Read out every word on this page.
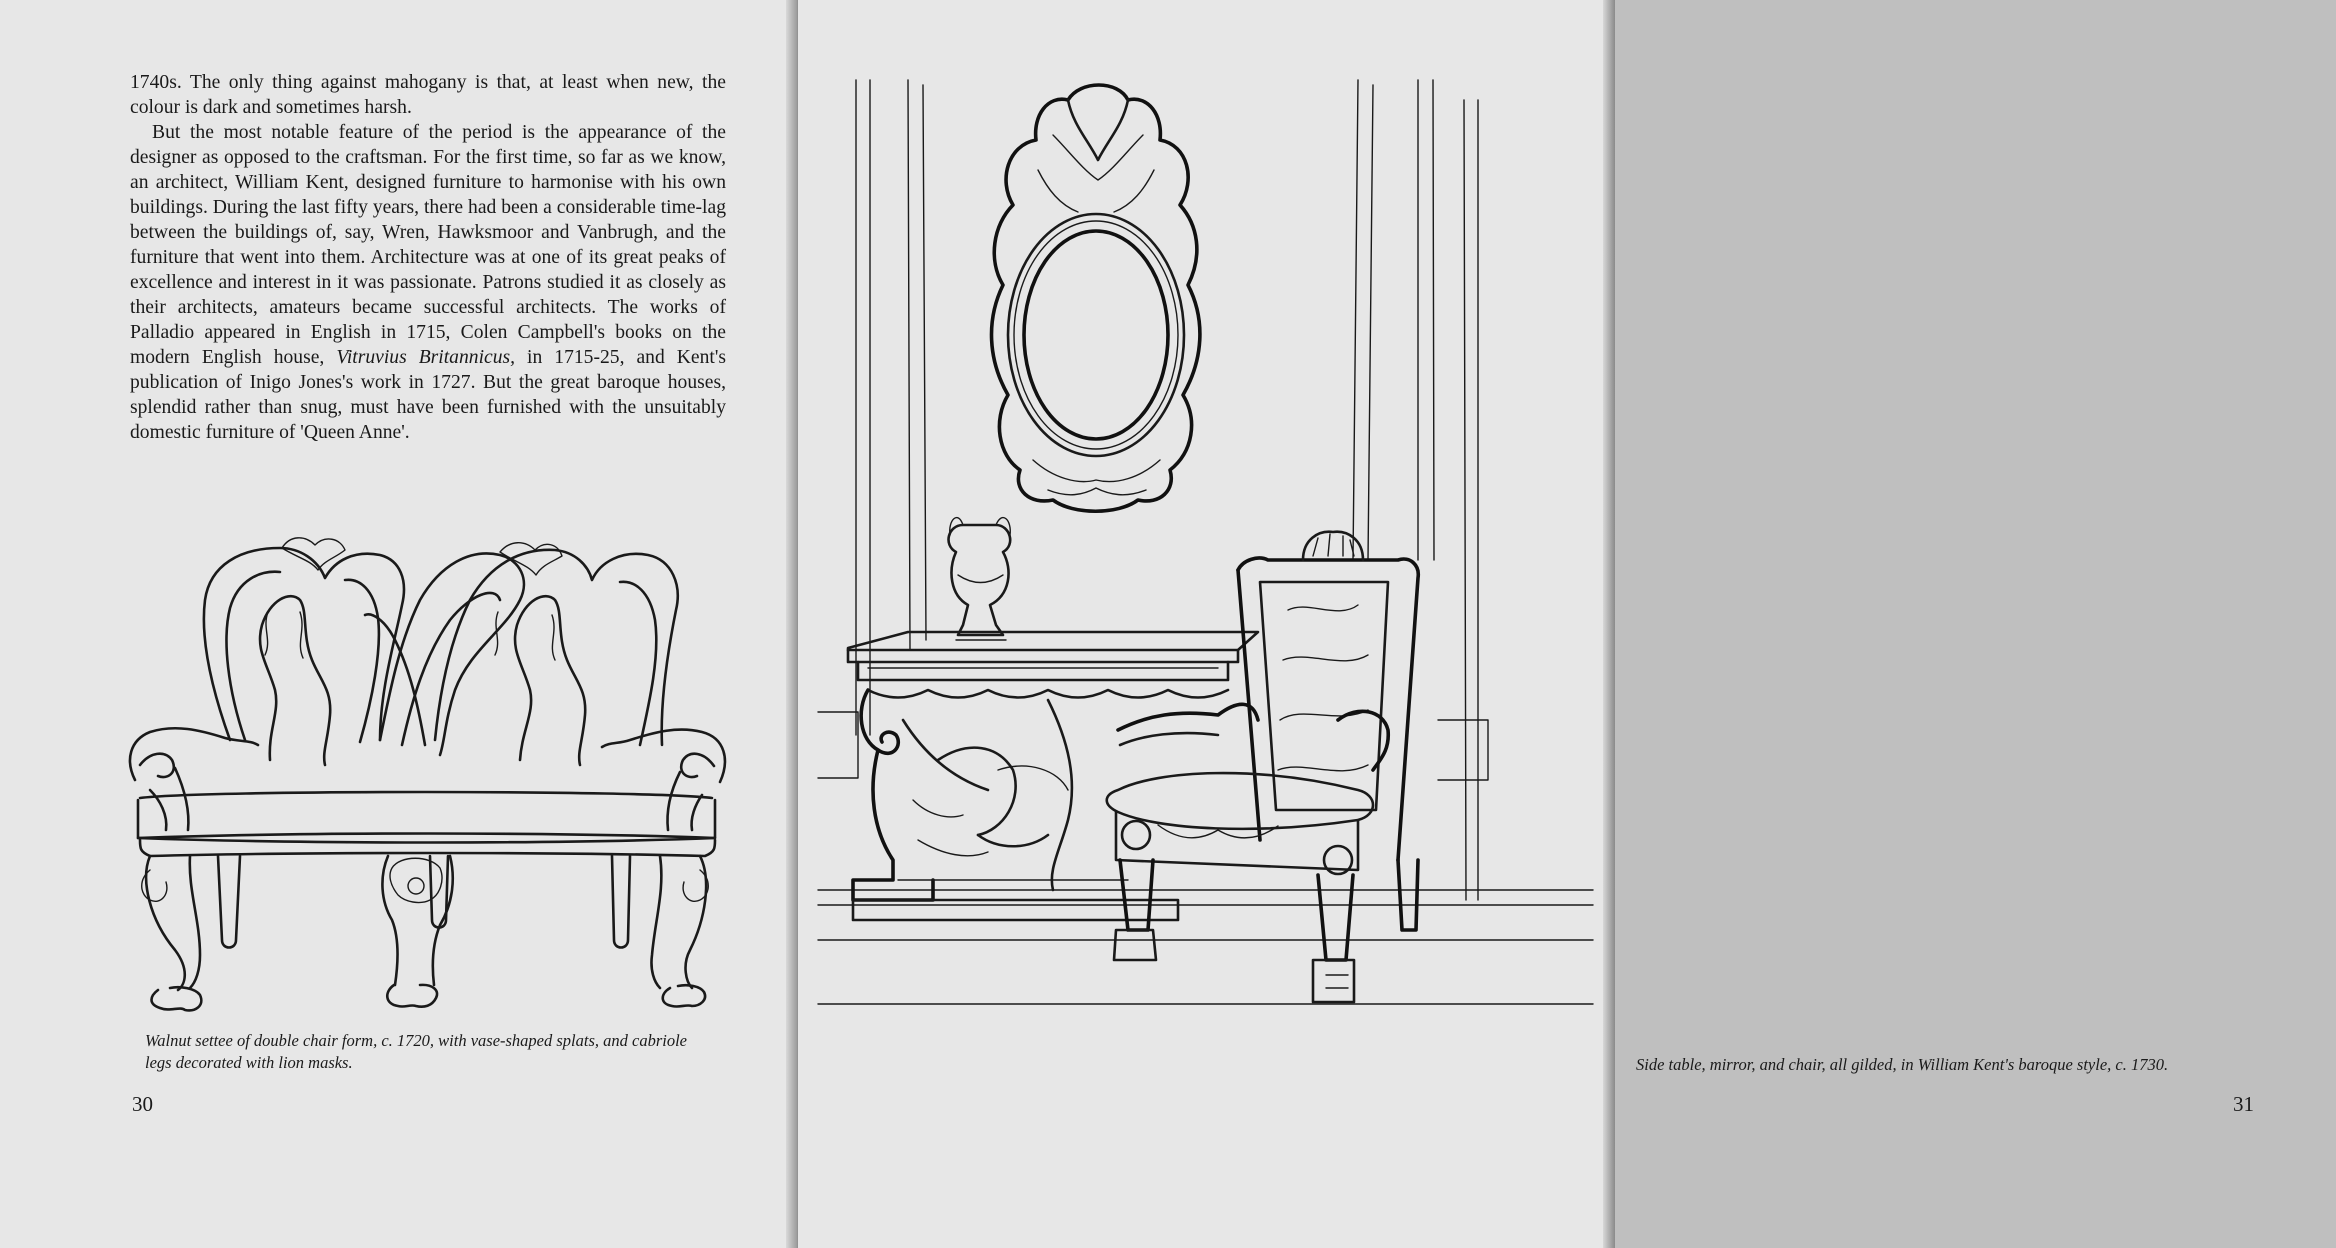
1740s. The only thing against mahogany is that, at least when new, the colour is dark and sometimes harsh.

But the most notable feature of the period is the appearance of the designer as opposed to the craftsman. For the first time, so far as we know, an architect, William Kent, designed furniture to harmonise with his own buildings. During the last fifty years, there had been a considerable time-lag between the buildings of, say, Wren, Hawksmoor and Vanbrugh, and the furniture that went into them. Architecture was at one of its great peaks of excellence and interest in it was passionate. Patrons studied it as closely as their architects, amateurs became successful architects. The works of Palladio appeared in English in 1715, Colen Campbell's books on the modern English house, Vitruvius Britannicus, in 1715-25, and Kent's publication of Inigo Jones's work in 1727. But the great baroque houses, splendid rather than snug, must have been furnished with the unsuitably domestic furniture of 'Queen Anne'.

Walnut settee of double chair form, c. 1720, with vase-shaped splats, and cabriole legs decorated with lion masks.

30

Side table, mirror, and chair, all gilded, in William Kent's baroque style, c. 1730.

31
